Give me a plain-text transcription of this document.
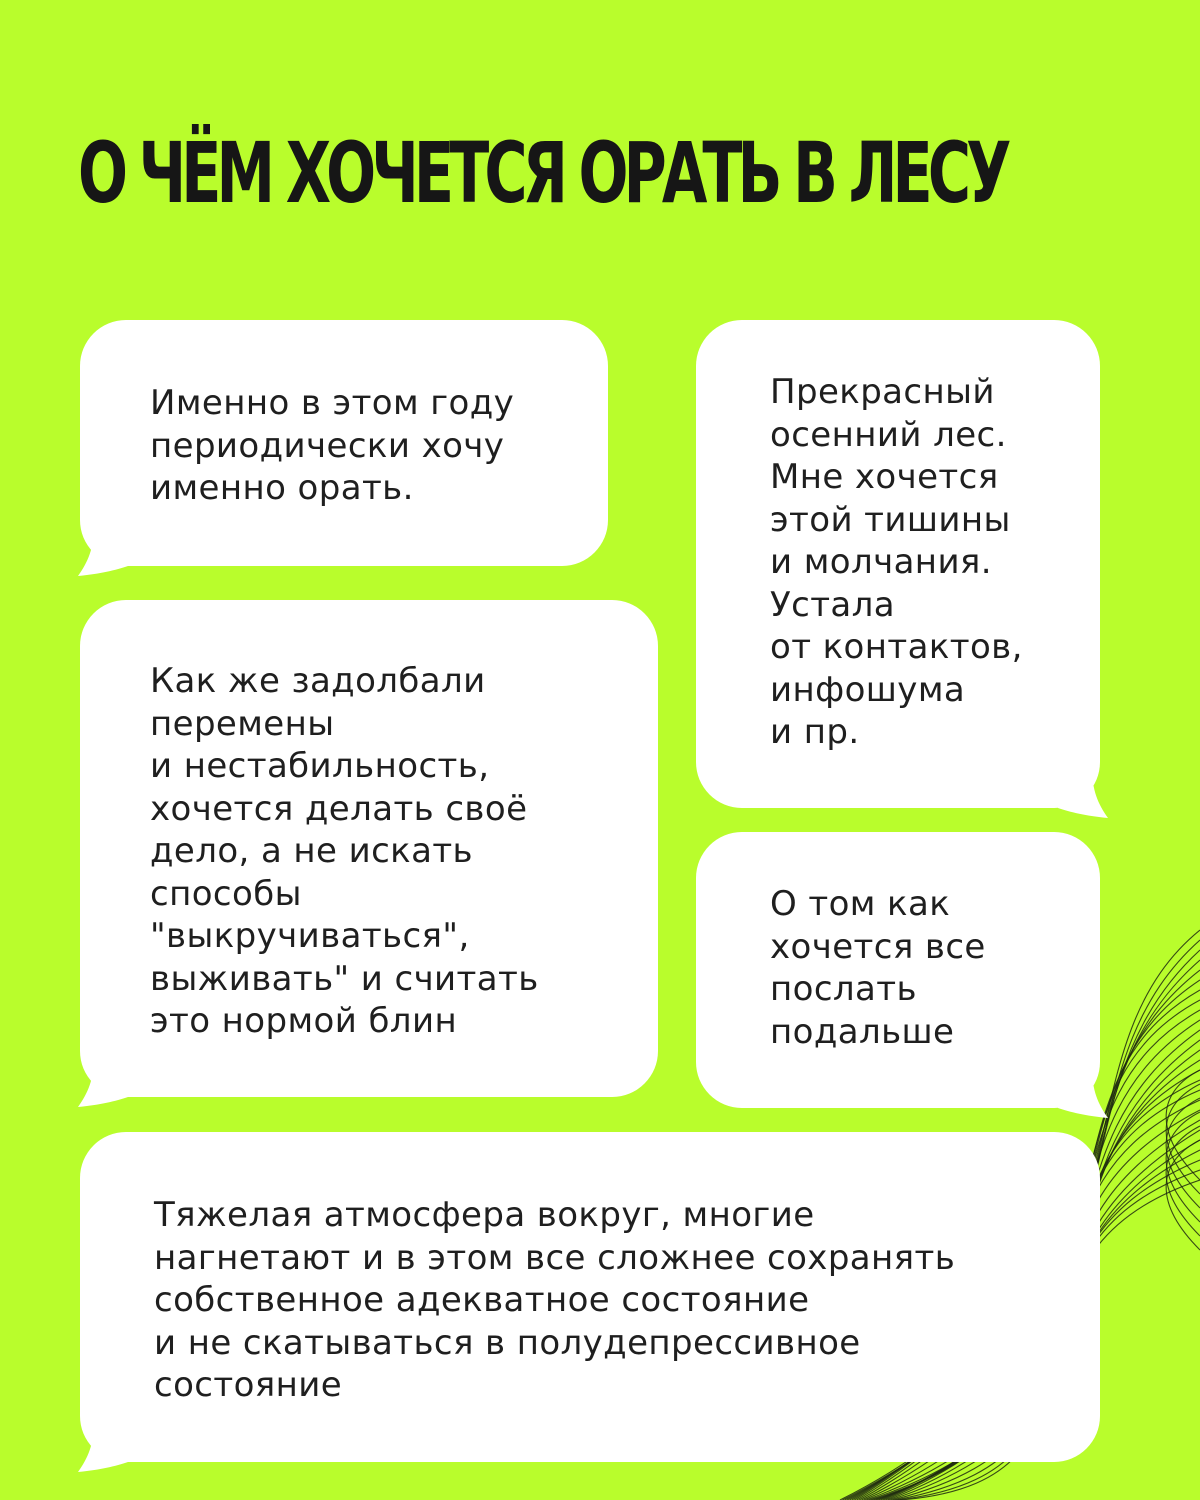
О ЧЁМ ХОЧЕТСЯ ОРАТЬ В ЛЕСУ

Именно в этом году
периодически хочу
именно орать.

Прекрасный
осенний лес.
Мне хочется
этой тишины
и молчания.
Устала
от контактов,
инфошума
и пр.

Как же задолбали
перемены
и нестабильность,
хочется делать своё
дело, а не искать
способы
"выкручиваться",
выживать" и считать
это нормой блин

О том как
хочется все
послать
подальше

Тяжелая атмосфера вокруг, многие
нагнетают и в этом все сложнее сохранять
собственное адекватное состояние
и не скатываться в полудепрессивное
состояние
